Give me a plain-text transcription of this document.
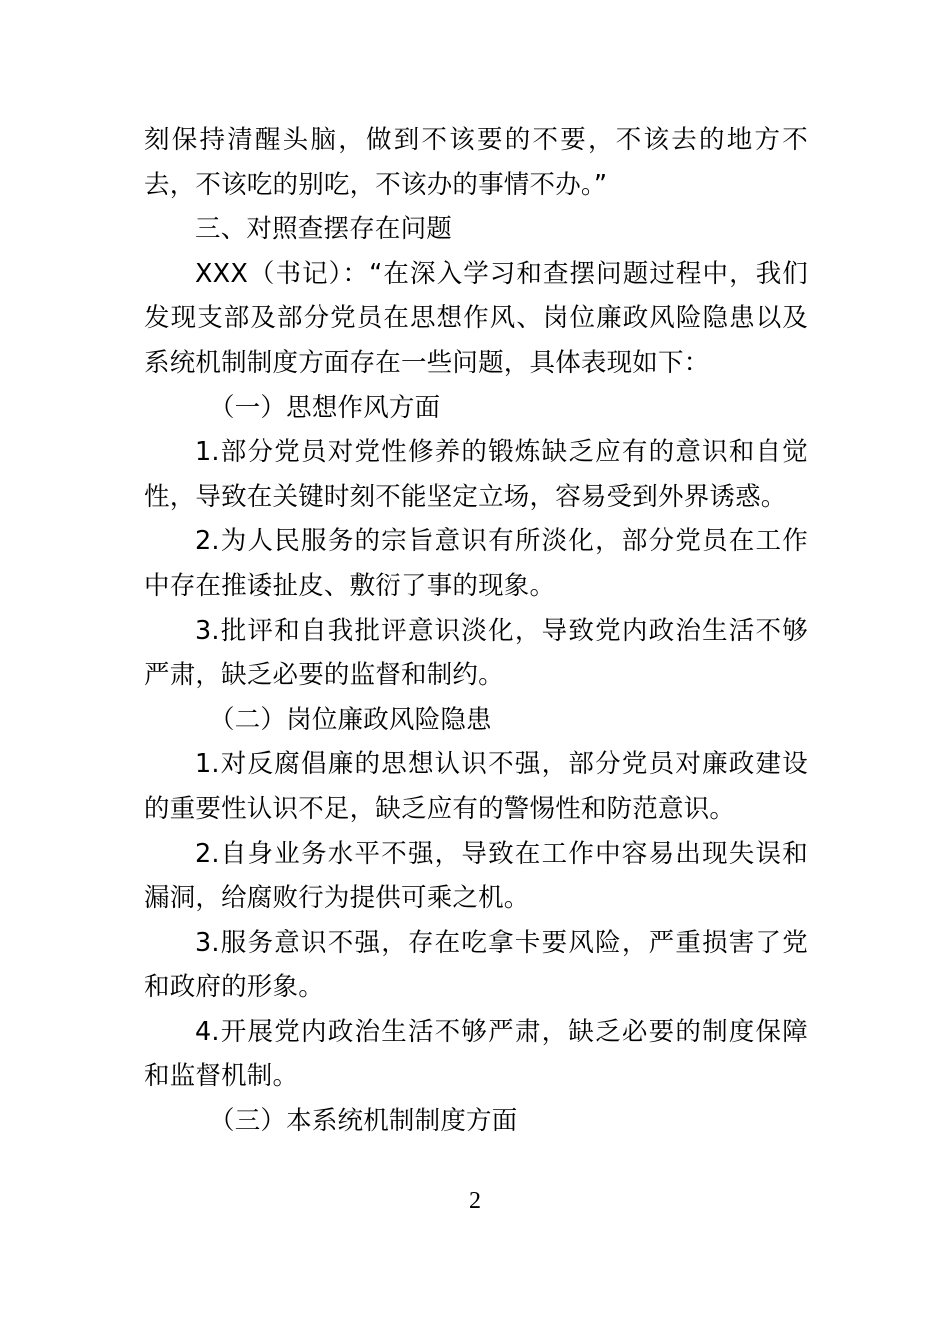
刻保持清醒头脑，做到不该要的不要，不该去的地方不去，不该吃的别吃，不该办的事情不办。”

三、对照查摆存在问题

XXX（书记）：“在深入学习和查摆问题过程中，我们发现支部及部分党员在思想作风、岗位廉政风险隐患以及系统机制制度方面存在一些问题，具体表现如下：

（一）思想作风方面

1.部分党员对党性修养的锻炼缺乏应有的意识和自觉性，导致在关键时刻不能坚定立场，容易受到外界诱惑。

2.为人民服务的宗旨意识有所淡化，部分党员在工作中存在推诿扯皮、敷衍了事的现象。

3.批评和自我批评意识淡化，导致党内政治生活不够严肃，缺乏必要的监督和制约。

（二）岗位廉政风险隐患

1.对反腐倡廉的思想认识不强，部分党员对廉政建设的重要性认识不足，缺乏应有的警惕性和防范意识。

2.自身业务水平不强，导致在工作中容易出现失误和漏洞，给腐败行为提供可乘之机。

3.服务意识不强，存在吃拿卡要风险，严重损害了党和政府的形象。

4.开展党内政治生活不够严肃，缺乏必要的制度保障和监督机制。

（三）本系统机制制度方面

2
